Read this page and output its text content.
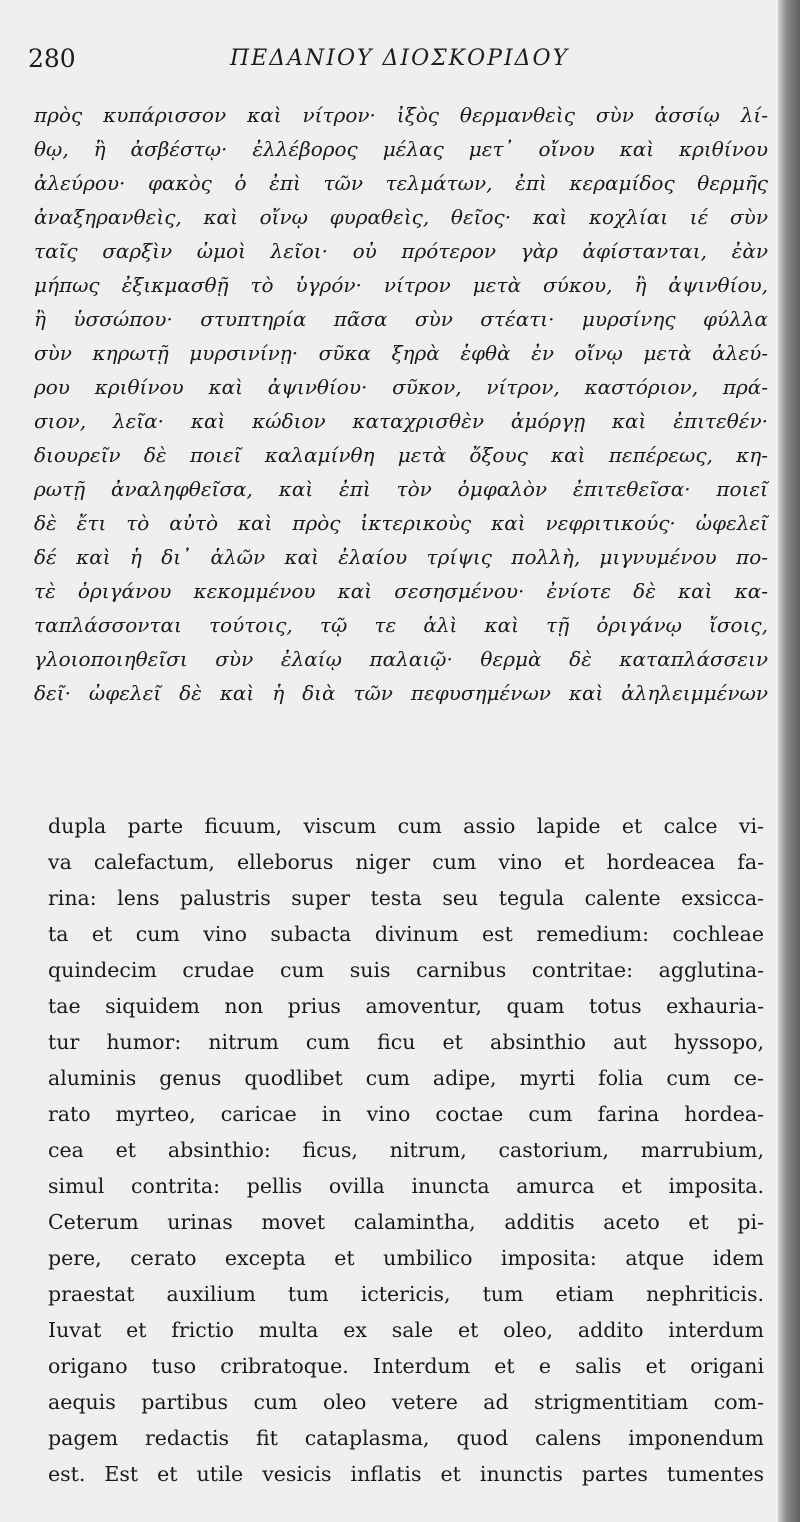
280	ΠΕΔΑΝΙΟΥ ΔΙΟΣΚΟΡΙΔΟΥ
πρὸς κυπάρισσον καὶ νίτρον· ἰξὸς θερμανθεὶς σὺν ἀσσίῳ λί-
θῳ, ἢ ἀσβέστῳ· ἐλλέβορος μέλας μετ᾽ οἴνου καὶ κριθίνου
ἀλεύρου· φακὸς ὁ ἐπὶ τῶν τελμάτων, ἐπὶ κεραμίδος θερμῆς
ἀναξηρανθεὶς, καὶ οἴνῳ φυραθεὶς, θεῖος· καὶ κοχλίαι ιέ σὺν
ταῖς σαρξὶν ὠμοὶ λεῖοι· οὐ πρότερον γὰρ ἀφίστανται, ἐὰν
μήπως ἐξικμασθῇ τὸ ὑγρόν· νίτρον μετὰ σύκου, ἢ ἀψινθίου,
ἢ ὑσσώπου· στυπτηρία πᾶσα σὺν στέατι· μυρσίνης φύλλα
σὺν κηρωτῇ μυρσινίνῃ· σῦκα ξηρὰ ἑφθὰ ἐν οἴνῳ μετὰ ἀλεύ-
ρου κριθίνου καὶ ἀψινθίου· σῦκον, νίτρον, καστόριον, πρά-
σιον, λεῖα· καὶ κώδιον καταχρισθὲν ἀμόργῃ καὶ ἐπιτεθέν·
διουρεῖν δὲ ποιεῖ καλαμίνθη μετὰ ὄξους καὶ πεπέρεως, κη-
ρωτῇ ἀναληφθεῖσα, καὶ ἐπὶ τὸν ὀμφαλὸν ἐπιτεθεῖσα· ποιεῖ
δὲ ἔτι τὸ αὐτὸ καὶ πρὸς ἰκτερικοὺς καὶ νεφριτικούς· ὠφελεῖ
δέ καὶ ἡ δι᾽ ἁλῶν καὶ ἐλαίου τρίψις πολλὴ, μιγνυμένου πο-
τὲ ὀριγάνου κεκομμένου καὶ σεσησμένου· ἐνίοτε δὲ καὶ κα-
ταπλάσσονται τούτοις, τῷ τε ἁλὶ καὶ τῇ ὀριγάνῳ ἴσοις,
γλοιοποιηθεῖσι σὺν ἐλαίῳ παλαιῷ· θερμὰ δὲ καταπλάσσειν
δεῖ· ὠφελεῖ δὲ καὶ ἡ διὰ τῶν πεφυσημένων καὶ ἀληλειμμένων
dupla parte ficuum, viscum cum assio lapide et calce vi-
va calefactum, elleborus niger cum vino et hordeacea fa-
rina: lens palustris super testa seu tegula calente exsicca-
ta et cum vino subacta divinum est remedium: cochleae
quindecim crudae cum suis carnibus contritae: agglutina-
tae siquidem non prius amoventur, quam totus exhauria-
tur humor: nitrum cum ficu et absinthio aut hyssopo,
aluminis genus quodlibet cum adipe, myrti folia cum ce-
rato myrteo, caricae in vino coctae cum farina hordea-
cea et absinthio: ficus, nitrum, castorium, marrubium,
simul contrita: pellis ovilla inuncta amurca et imposita.
Ceterum urinas movet calamintha, additis aceto et pi-
pere, cerato excepta et umbilico imposita: atque idem
praestat auxilium tum ictericis, tum etiam nephriticis.
Iuvat et frictio multa ex sale et oleo, addito interdum
origano tuso cribratoque. Interdum et e salis et origani
aequis partibus cum oleo vetere ad strigmentitiam com-
pagem redactis fit cataplasma, quod calens imponendum
est. Est et utile vesicis inflatis et inunctis partes tumentes
